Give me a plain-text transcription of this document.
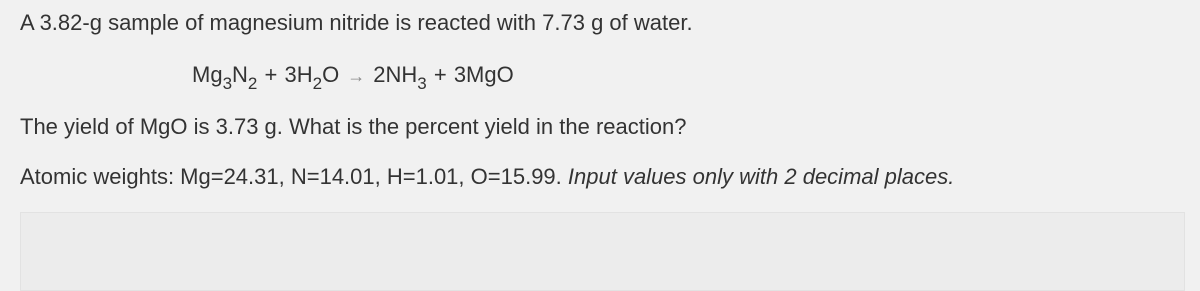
A 3.82-g sample of magnesium nitride is reacted with 7.73 g of water.
$Mg_3N_2 + 3H_2O \to 2NH_3 + 3MgO$
The yield of MgO is 3.73 g. What is the percent yield in the reaction?
Atomic weights: Mg=24.31, N=14.01, H=1.01, O=15.99. Input values only with 2 decimal places.
